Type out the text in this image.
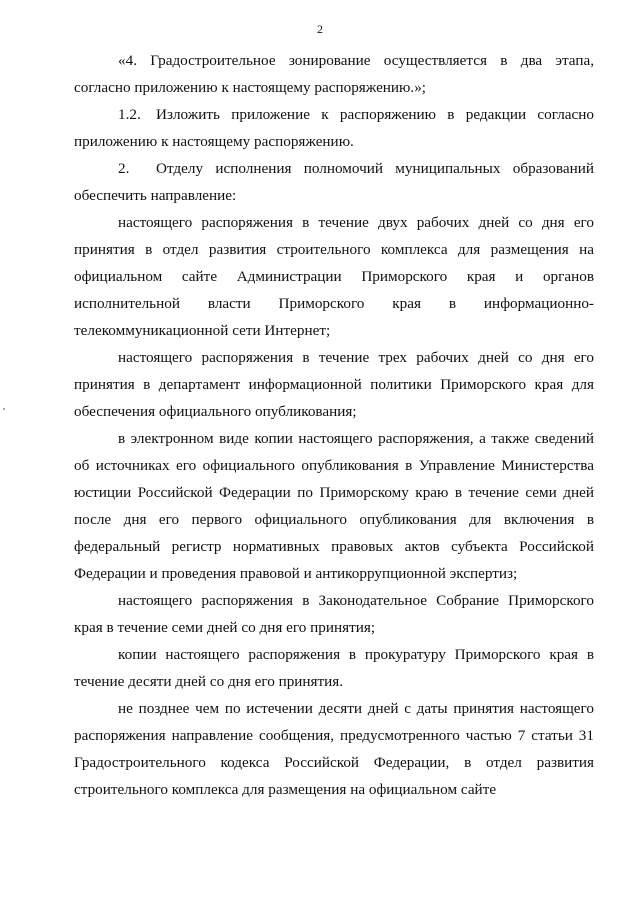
2

«4. Градостроительное зонирование осуществляется в два этапа, согласно приложению к настоящему распоряжению.»;

1.2. Изложить приложение к распоряжению в редакции согласно приложению к настоящему распоряжению.

2. Отделу исполнения полномочий муниципальных образований обеспечить направление:

настоящего распоряжения в течение двух рабочих дней со дня его принятия в отдел развития строительного комплекса для размещения на официальном сайте Администрации Приморского края и органов исполнительной власти Приморского края в информационно-телекоммуникационной сети Интернет;

настоящего распоряжения в течение трех рабочих дней со дня его принятия в департамент информационной политики Приморского края для обеспечения официального опубликования;

в электронном виде копии настоящего распоряжения, а также сведений об источниках его официального опубликования в Управление Министерства юстиции Российской Федерации по Приморскому краю в течение семи дней после дня его первого официального опубликования для включения в федеральный регистр нормативных правовых актов субъекта Российской Федерации и проведения правовой и антикоррупционной экспертиз;

настоящего распоряжения в Законодательное Собрание Приморского края в течение семи дней со дня его принятия;

копии настоящего распоряжения в прокуратуру Приморского края в течение десяти дней со дня его принятия.

не позднее чем по истечении десяти дней с даты принятия настоящего распоряжения направление сообщения, предусмотренного частью 7 статьи 31 Градостроительного кодекса Российской Федерации, в отдел развития строительного комплекса для размещения на официальном сайте
